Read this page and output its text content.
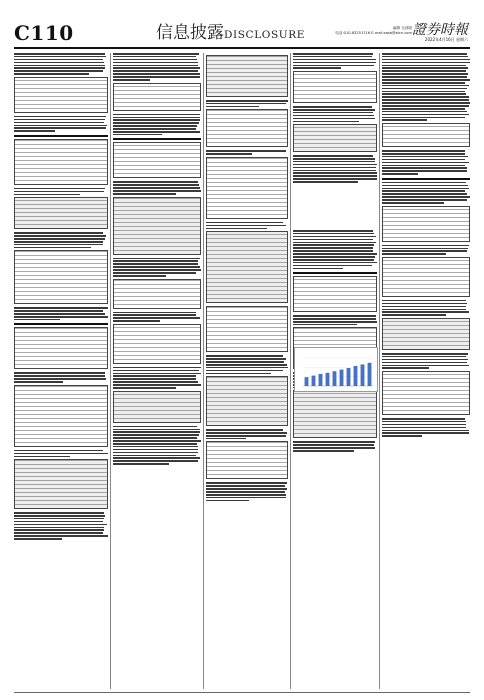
C110	信息披露DISCLOSURE
编辑 全部版
电话:010-83251716 E-mail:zqsb@stcn.com 證券時報
2022年4月16日 星期六
